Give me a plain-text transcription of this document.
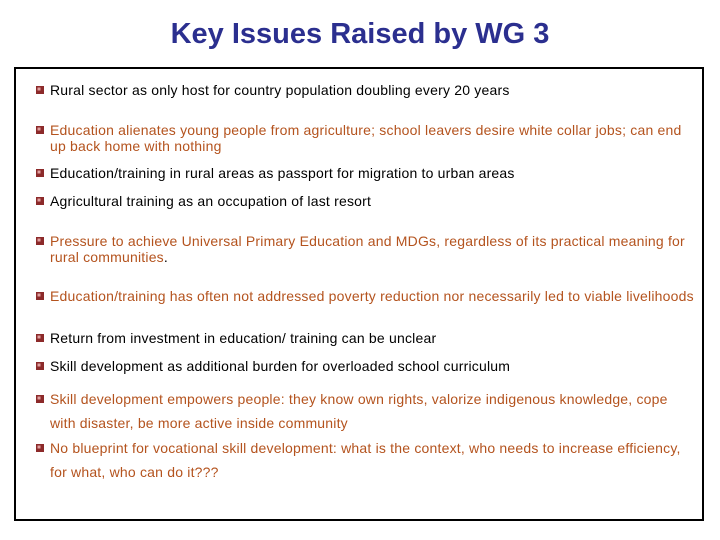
Key Issues Raised by WG 3
Rural sector as only host for country population doubling every 20 years
Education alienates young people from agriculture; school leavers desire white collar jobs; can end up back home with nothing
Education/training in rural areas as passport for migration to urban areas
Agricultural training as an occupation of last resort
Pressure to achieve Universal Primary Education and MDGs, regardless of its practical meaning for rural communities.
Education/training has often not addressed poverty reduction nor necessarily led to viable livelihoods
Return from investment in education/ training can be unclear
Skill development as additional burden for overloaded school curriculum
Skill development empowers people: they know own rights, valorize indigenous knowledge, cope with disaster, be more active inside community
No blueprint for vocational skill development: what is the context, who needs to increase efficiency, for what, who can do it???
